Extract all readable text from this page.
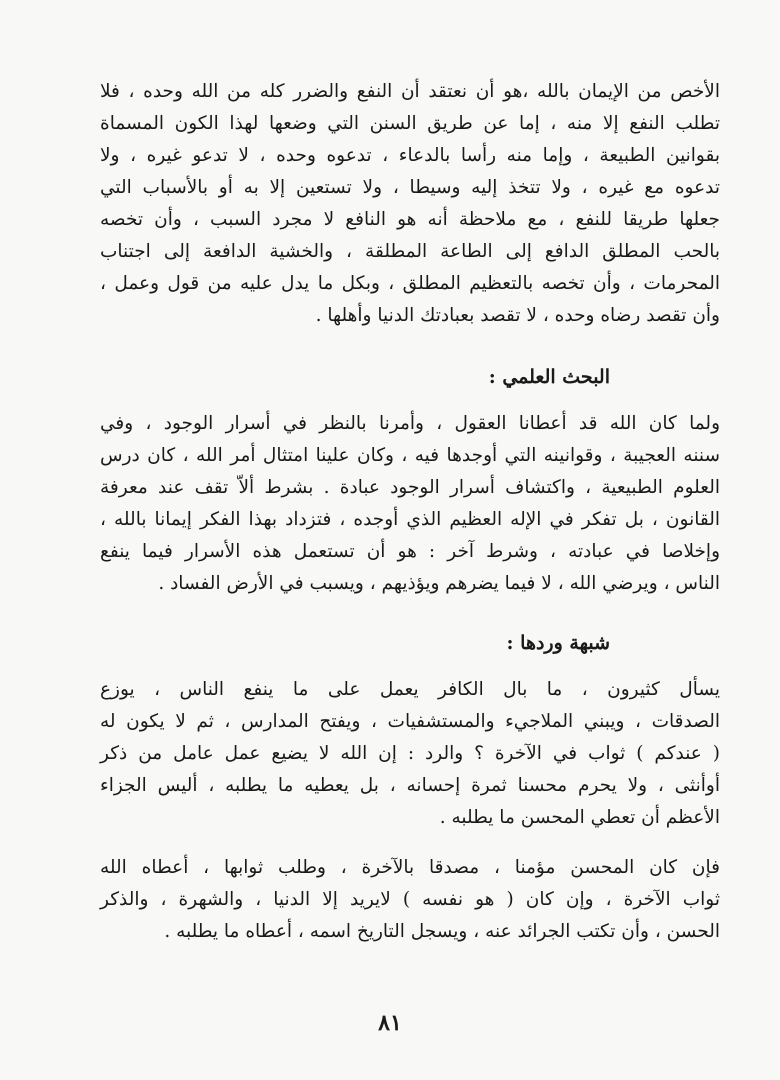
الأخص من الإيمان بالله ،هو أن نعتقد أن النفع والضرر كله من الله وحده ، فلا
تطلب النفع إلا منه ، إما عن طريق السنن التي وضعها لهذا الكون المسماة
بقوانين الطبيعة ، وإما منه رأسا بالدعاء ، تدعوه وحده ، لا تدعو غيره ، ولا
تدعوه مع غيره ، ولا تتخذ إليه وسيطا ، ولا تستعين إلا به أو بالأسباب التي
جعلها طريقا للنفع ، مع ملاحظة أنه هو النافع لا مجرد السبب ، وأن تخصه
بالحب المطلق الدافع إلى الطاعة المطلقة ، والخشية الدافعة إلى اجتناب
المحرمات ، وأن تخصه بالتعظيم المطلق ، وبكل ما يدل عليه من قول وعمل ،
وأن تقصد رضاه وحده ، لا تقصد بعبادتك الدنيا وأهلها .
البحث العلمي :
ولما كان الله قد أعطانا العقول ، وأمرنا بالنظر في أسرار الوجود ، وفي
سننه العجيبة ، وقوانينه التي أوجدها فيه ، وكان علينا امتثال أمر الله ، كان درس
العلوم الطبيعية ، واكتشاف أسرار الوجود عبادة . بشرط ألاّ تقف عند معرفة
القانون ، بل تفكر في الإله العظيم الذي أوجده ، فتزداد بهذا الفكر إيمانا بالله ،
وإخلاصا في عبادته ، وشرط آخر : هو أن تستعمل هذه الأسرار فيما ينفع
الناس ، ويرضي الله ، لا فيما يضرهم ويؤذيهم ، ويسبب في الأرض الفساد .
شبهة وردها :
يسأل كثيرون ، ما بال الكافر يعمل على ما ينفع الناس ، يوزع
الصدقات ، ويبني الملاجيء والمستشفيات ، ويفتح المدارس ، ثم لا يكون له
( عندكم ) ثواب في الآخرة ؟ والرد : إن الله لا يضيع عمل عامل من ذكر
أوأنثى ، ولا يحرم محسنا ثمرة إحسانه ، بل يعطيه ما يطلبه ، أليس الجزاء
الأعظم أن تعطي المحسن ما يطلبه .
فإن كان المحسن مؤمنا ، مصدقا بالآخرة ، وطلب ثوابها ، أعطاه الله
ثواب الآخرة ، وإن كان ( هو نفسه ) لايريد إلا الدنيا ، والشهرة ، والذكر
الحسن ، وأن تكتب الجرائد عنه ، ويسجل التاريخ اسمه ، أعطاه ما يطلبه .
٨١
